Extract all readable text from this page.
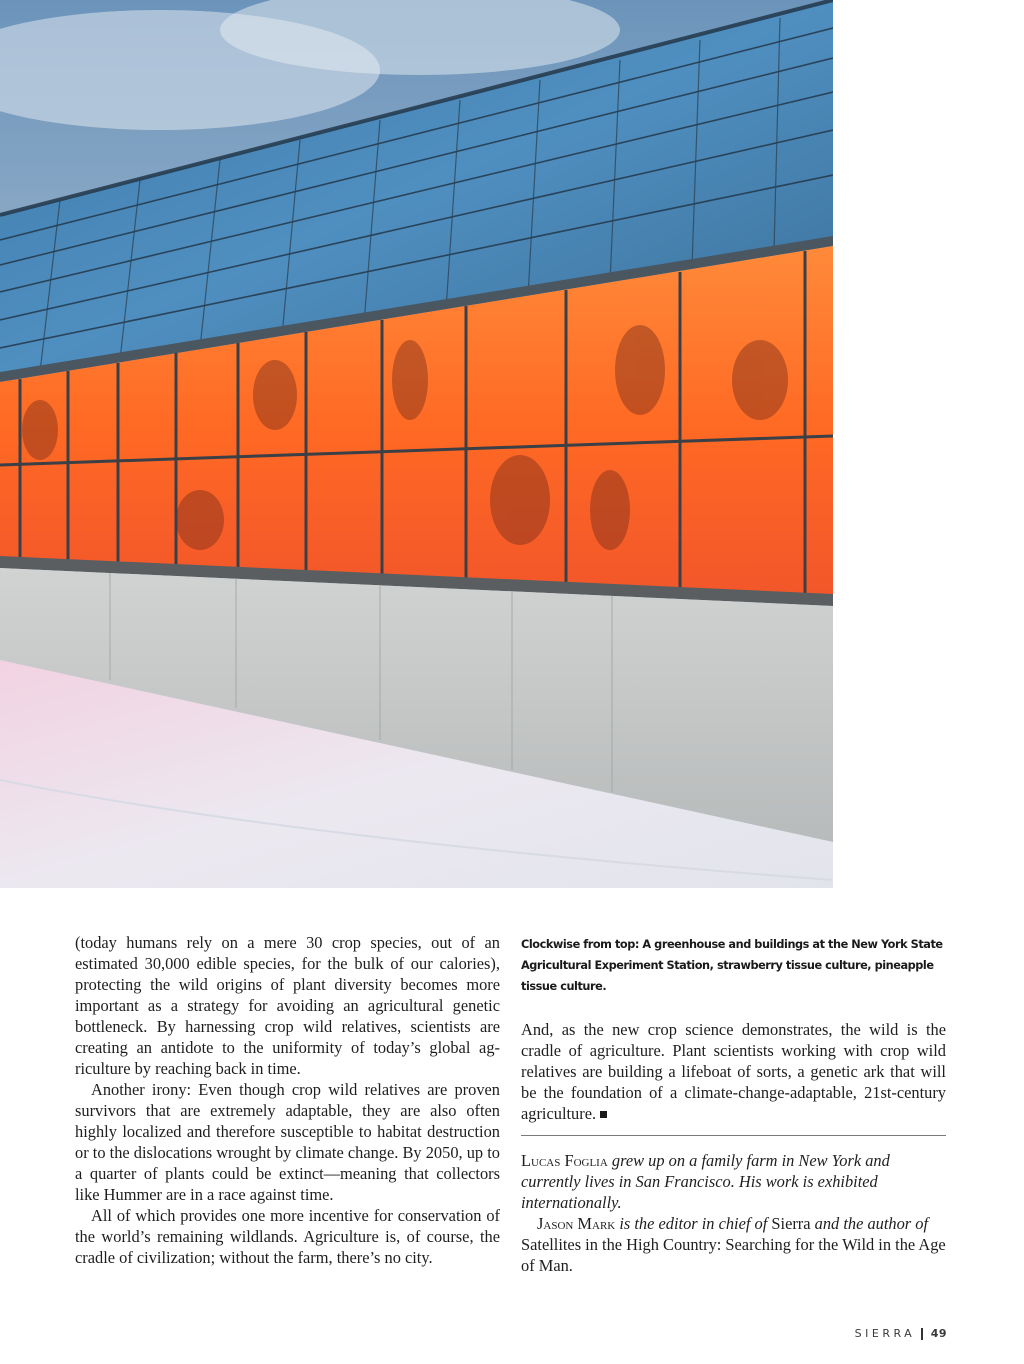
(today humans rely on a mere 30 crop species, out of an estimated 30,000 edible species, for the bulk of our calories), protecting the wild origins of plant diversity becomes more important as a strategy for avoiding an agricultural genetic bottleneck. By harnessing crop wild relatives, scientists are creating an antidote to the uniformity of today’s global agriculture by reaching back in time.

Another irony: Even though crop wild relatives are proven survivors that are extremely adaptable, they are also often highly localized and therefore susceptible to habitat destruction or to the dislocations wrought by climate change. By 2050, up to a quarter of plants could be extinct—meaning that collectors like Hummer are in a race against time.

All of which provides one more incentive for conservation of the world’s remaining wildlands. Agriculture is, of course, the cradle of civilization; without the farm, there’s no city.

Clockwise from top: A greenhouse and buildings at the New York State Agricultural Experiment Station, strawberry tissue culture, pineapple tissue culture.

And, as the new crop science demonstrates, the wild is the cradle of agriculture. Plant scientists working with crop wild relatives are building a lifeboat of sorts, a genetic ark that will be the foundation of a climate-change-adaptable, 21st-century agriculture.

Lucas Foglia grew up on a family farm in New York and currently lives in San Francisco. His work is exhibited internationally.

Jason Mark is the editor in chief of Sierra and the author of Satellites in the High Country: Searching for the Wild in the Age of Man.

SIERRA 49
